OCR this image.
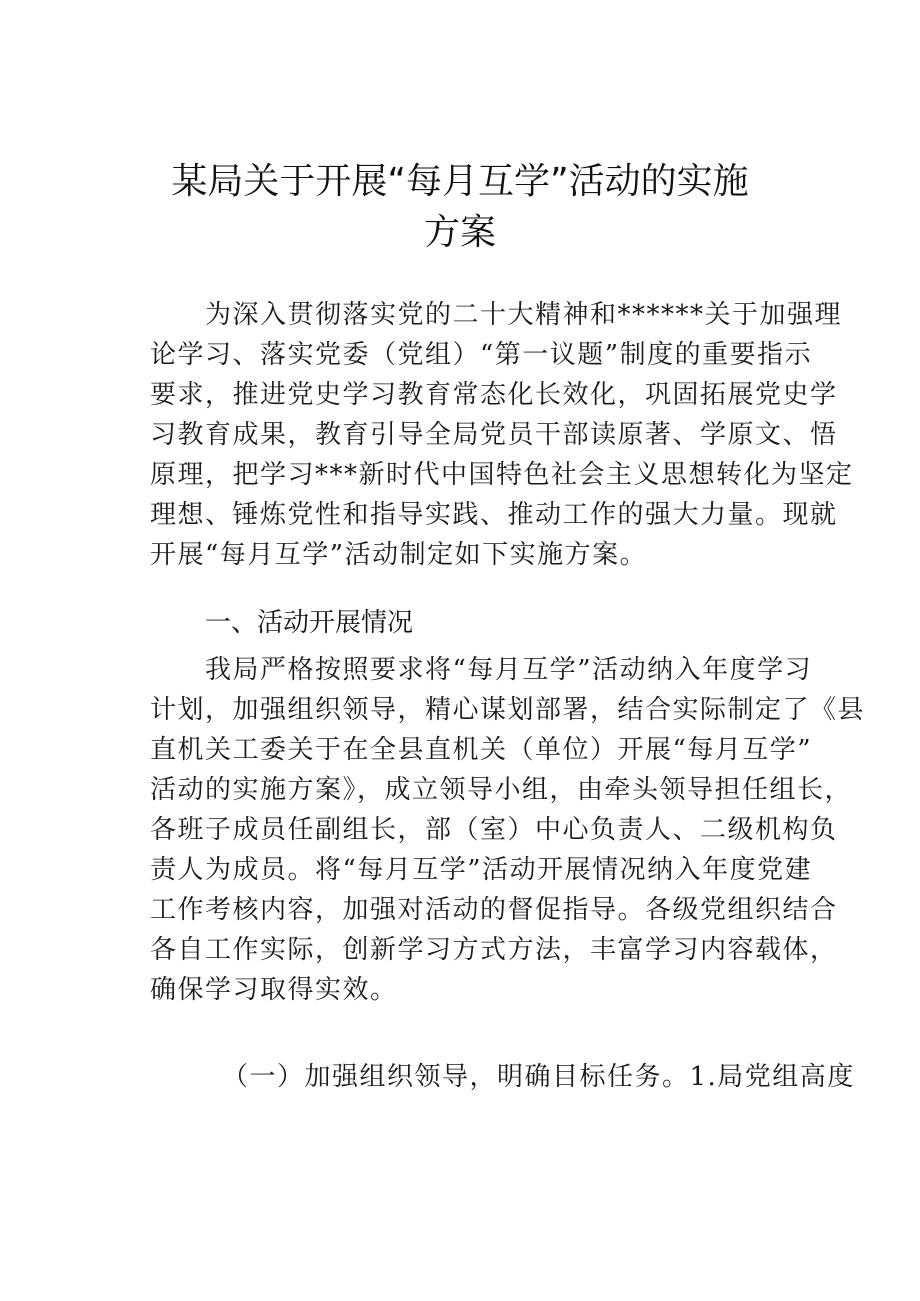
某局关于开展“每月互学”活动的实施
方案
为深入贯彻落实党的二十大精神和******关于加强理
论学习、落实党委（党组）“第一议题”制度的重要指示
要求，推进党史学习教育常态化长效化，巩固拓展党史学
习教育成果，教育引导全局党员干部读原著、学原文、悟
原理，把学习***新时代中国特色社会主义思想转化为坚定
理想、锤炼党性和指导实践、推动工作的强大力量。现就
开展“每月互学”活动制定如下实施方案。
一、活动开展情况
我局严格按照要求将“每月互学”活动纳入年度学习
计划，加强组织领导，精心谋划部署，结合实际制定了《县
直机关工委关于在全县直机关（单位）开展“每月互学”
活动的实施方案》，成立领导小组，由牵头领导担任组长，
各班子成员任副组长，部（室）中心负责人、二级机构负
责人为成员。将“每月互学”活动开展情况纳入年度党建
工作考核内容，加强对活动的督促指导。各级党组织结合
各自工作实际，创新学习方式方法，丰富学习内容载体，
确保学习取得实效。
（一）加强组织领导，明确目标任务。1.局党组高度
